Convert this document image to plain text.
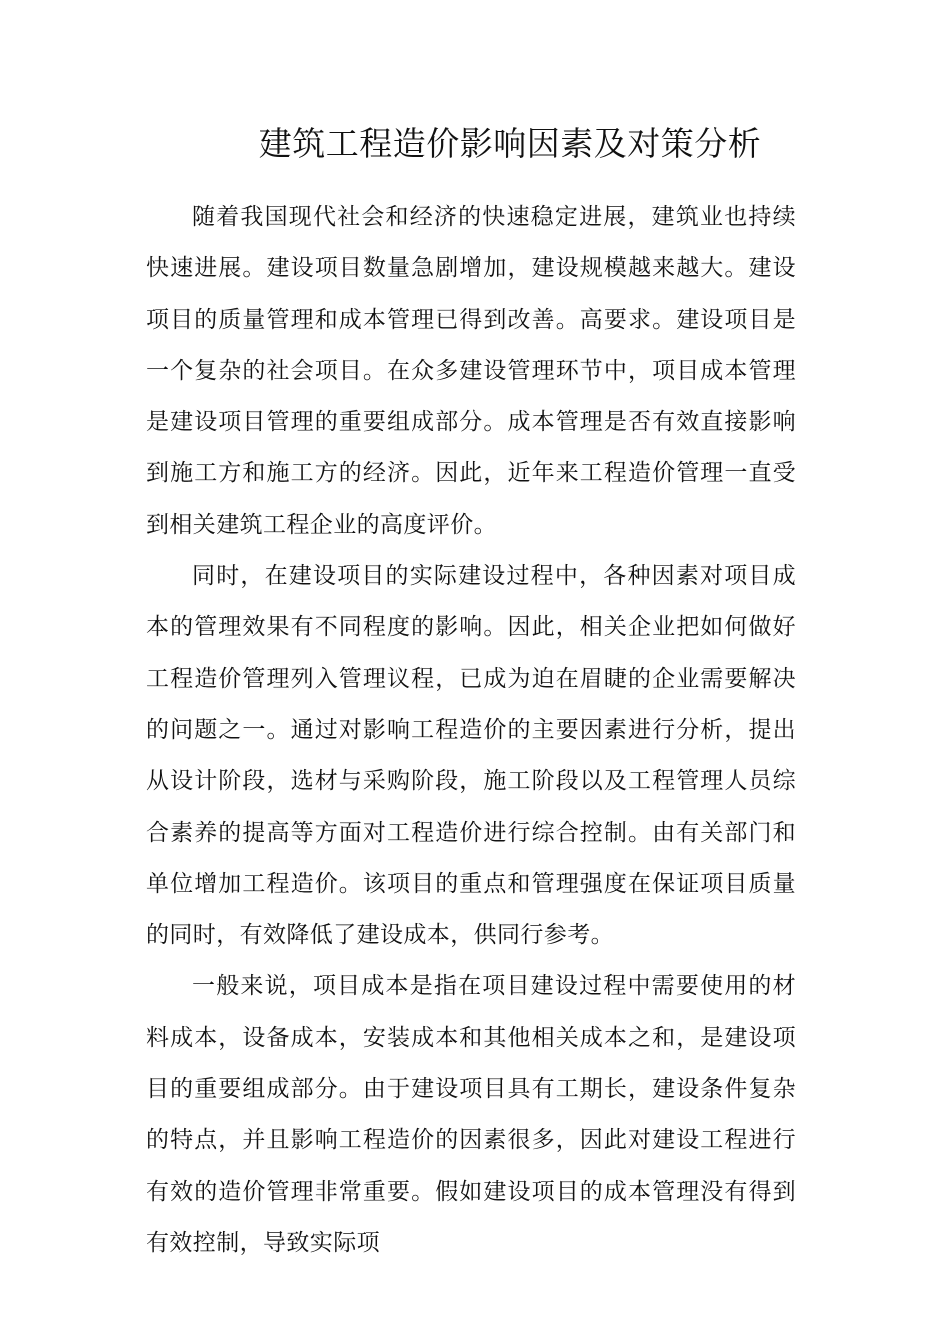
建筑工程造价影响因素及对策分析

随着我国现代社会和经济的快速稳定进展，建筑业也持续快速进展。建设项目数量急剧增加，建设规模越来越大。建设项目的质量管理和成本管理已得到改善。高要求。建设项目是一个复杂的社会项目。在众多建设管理环节中，项目成本管理是建设项目管理的重要组成部分。成本管理是否有效直接影响到施工方和施工方的经济。因此，近年来工程造价管理一直受到相关建筑工程企业的高度评价。

同时，在建设项目的实际建设过程中，各种因素对项目成本的管理效果有不同程度的影响。因此，相关企业把如何做好工程造价管理列入管理议程，已成为迫在眉睫的企业需要解决的问题之一。通过对影响工程造价的主要因素进行分析，提出从设计阶段，选材与采购阶段，施工阶段以及工程管理人员综合素养的提高等方面对工程造价进行综合控制。由有关部门和单位增加工程造价。该项目的重点和管理强度在保证项目质量的同时，有效降低了建设成本，供同行参考。

一般来说，项目成本是指在项目建设过程中需要使用的材料成本，设备成本，安装成本和其他相关成本之和，是建设项目的重要组成部分。由于建设项目具有工期长，建设条件复杂的特点，并且影响工程造价的因素很多，因此对建设工程进行有效的造价管理非常重要。假如建设项目的成本管理没有得到有效控制，导致实际项
